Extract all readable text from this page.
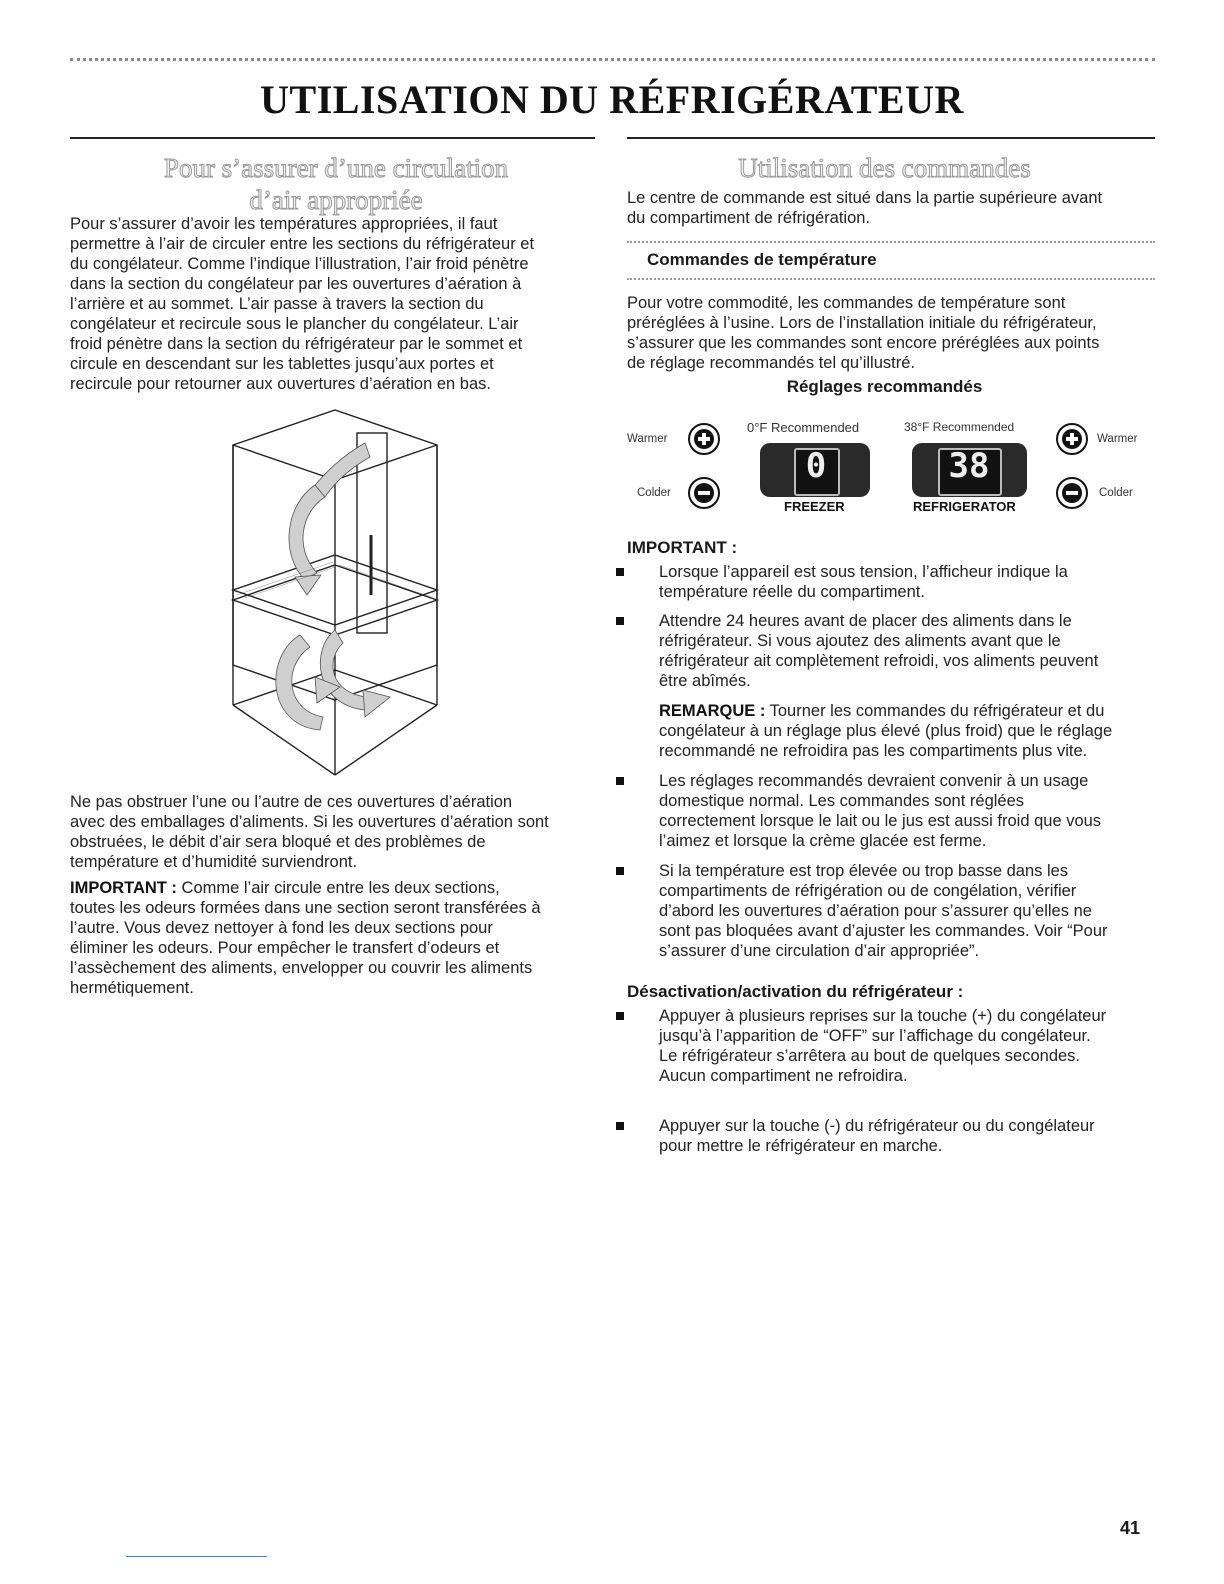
UTILISATION DU RÉFRIGÉRATEUR
Pour s’assurer d’une circulation d’air appropriée
Pour s’assurer d’avoir les températures appropriées, il faut
permettre à l’air de circuler entre les sections du réfrigérateur et
du congélateur. Comme l’indique l’illustration, l’air froid pénètre
dans la section du congélateur par les ouvertures d’aération à
l’arrière et au sommet. L’air passe à travers la section du
congélateur et recircule sous le plancher du congélateur. L’air
froid pénètre dans la section du réfrigérateur par le sommet et
circule en descendant sur les tablettes jusqu’aux portes et
recircule pour retourner aux ouvertures d’aération en bas.
Ne pas obstruer l’une ou l’autre de ces ouvertures d’aération
avec des emballages d’aliments. Si les ouvertures d’aération sont
obstruées, le débit d’air sera bloqué et des problèmes de
température et d’humidité surviendront.
IMPORTANT : Comme l’air circule entre les deux sections,
toutes les odeurs formées dans une section seront transférées à
l’autre. Vous devez nettoyer à fond les deux sections pour
éliminer les odeurs. Pour empêcher le transfert d’odeurs et
l’assèchement des aliments, envelopper ou couvrir les aliments
hermétiquement.
Utilisation des commandes
Le centre de commande est situé dans la partie supérieure avant
du compartiment de réfrigération.
Commandes de température
Pour votre commodité, les commandes de température sont
préréglées à l’usine. Lors de l’installation initiale du réfrigérateur,
s’assurer que les commandes sont encore préréglées aux points
de réglage recommandés tel qu’illustré.
Réglages recommandés
Warmer
Colder
0°F Recommended
0
FREEZER
38°F Recommended
38
REFRIGERATOR
Warmer
Colder
IMPORTANT :
Lorsque l’appareil est sous tension, l’afficheur indique la
température réelle du compartiment.
Attendre 24 heures avant de placer des aliments dans le
réfrigérateur. Si vous ajoutez des aliments avant que le
réfrigérateur ait complètement refroidi, vos aliments peuvent
être abîmés.
REMARQUE : Tourner les commandes du réfrigérateur et du
congélateur à un réglage plus élevé (plus froid) que le réglage
recommandé ne refroidira pas les compartiments plus vite.
Les réglages recommandés devraient convenir à un usage
domestique normal. Les commandes sont réglées
correctement lorsque le lait ou le jus est aussi froid que vous
l’aimez et lorsque la crème glacée est ferme.
Si la température est trop élevée ou trop basse dans les
compartiments de réfrigération ou de congélation, vérifier
d’abord les ouvertures d’aération pour s’assurer qu’elles ne
sont pas bloquées avant d’ajuster les commandes. Voir “Pour
s’assurer d’une circulation d’air appropriée”.
Désactivation/activation du réfrigérateur :
Appuyer à plusieurs reprises sur la touche (+) du congélateur
jusqu’à l’apparition de “OFF” sur l’affichage du congélateur.
Le réfrigérateur s’arrêtera au bout de quelques secondes.
Aucun compartiment ne refroidira.
Appuyer sur la touche (-) du réfrigérateur ou du congélateur
pour mettre le réfrigérateur en marche.
41
